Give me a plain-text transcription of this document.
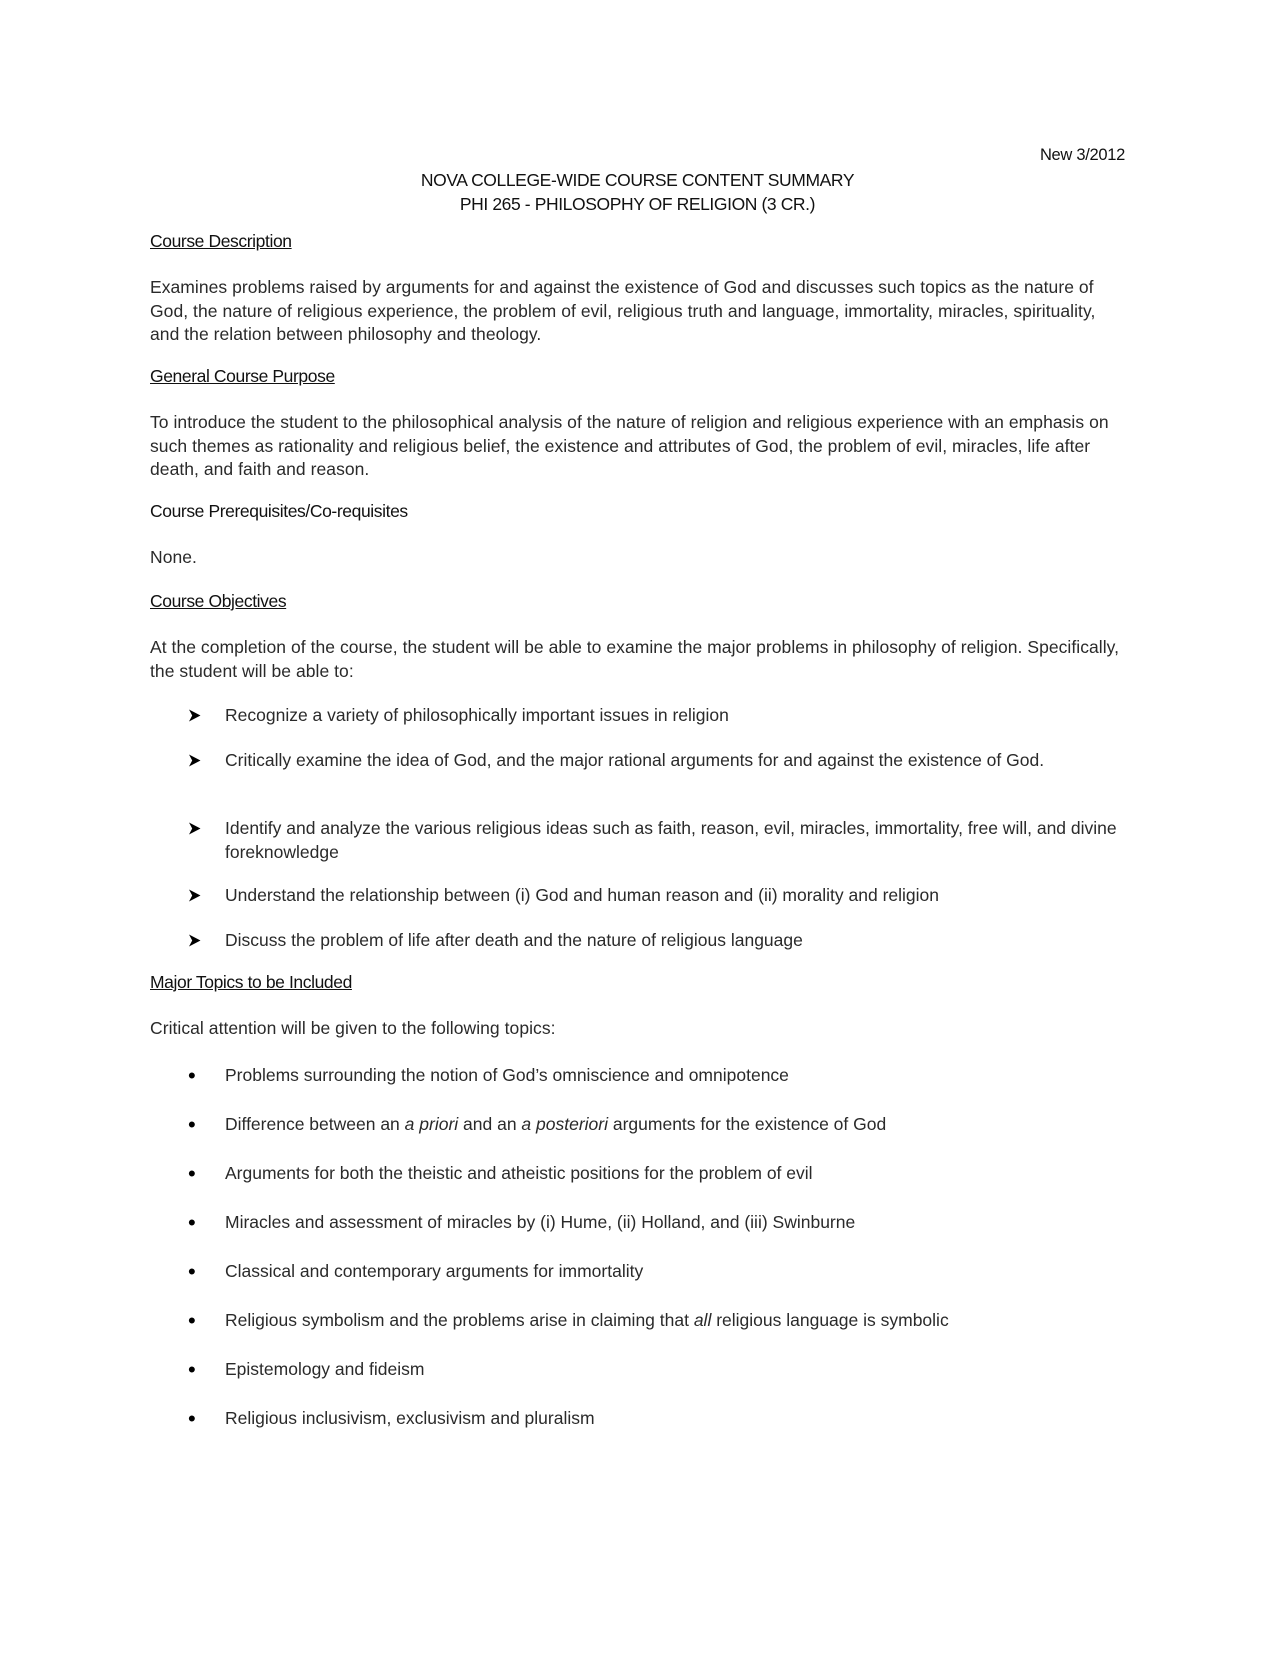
New 3/2012
NOVA COLLEGE-WIDE COURSE CONTENT SUMMARY
PHI 265 - PHILOSOPHY OF RELIGION (3 CR.)
Course Description
Examines problems raised by arguments for and against the existence of God and discusses such topics as the nature of God, the nature of religious experience, the problem of evil, religious truth and language, immortality, miracles, spirituality, and the relation between philosophy and theology.
General Course Purpose
To introduce the student to the philosophical analysis of the nature of religion and religious experience with an emphasis on such themes as rationality and religious belief, the existence and attributes of God, the problem of evil, miracles, life after death, and faith and reason.
Course Prerequisites/Co-requisites
None.
Course Objectives
At the completion of the course, the student will be able to examine the major problems in philosophy of religion. Specifically, the student will be able to:
Recognize a variety of philosophically important issues in religion
Critically examine the idea of God, and the major rational arguments for and against the existence of God.
Identify and analyze the various religious ideas such as faith, reason, evil, miracles, immortality, free will, and divine foreknowledge
Understand the relationship between (i) God and human reason and (ii) morality and religion
Discuss the problem of life after death and the nature of religious language
Major Topics to be Included
Critical attention will be given to the following topics:
•	Problems surrounding the notion of God’s omniscience and omnipotence
•	Difference between an a priori and an a posteriori arguments for the existence of God
•	Arguments for both the theistic and atheistic positions for the problem of evil
•	Miracles and assessment of miracles by (i) Hume, (ii) Holland, and (iii) Swinburne
•	Classical and contemporary arguments for immortality
•	Religious symbolism and the problems arise in claiming that all religious language is symbolic
•	Epistemology and fideism
•	Religious inclusivism, exclusivism and pluralism
